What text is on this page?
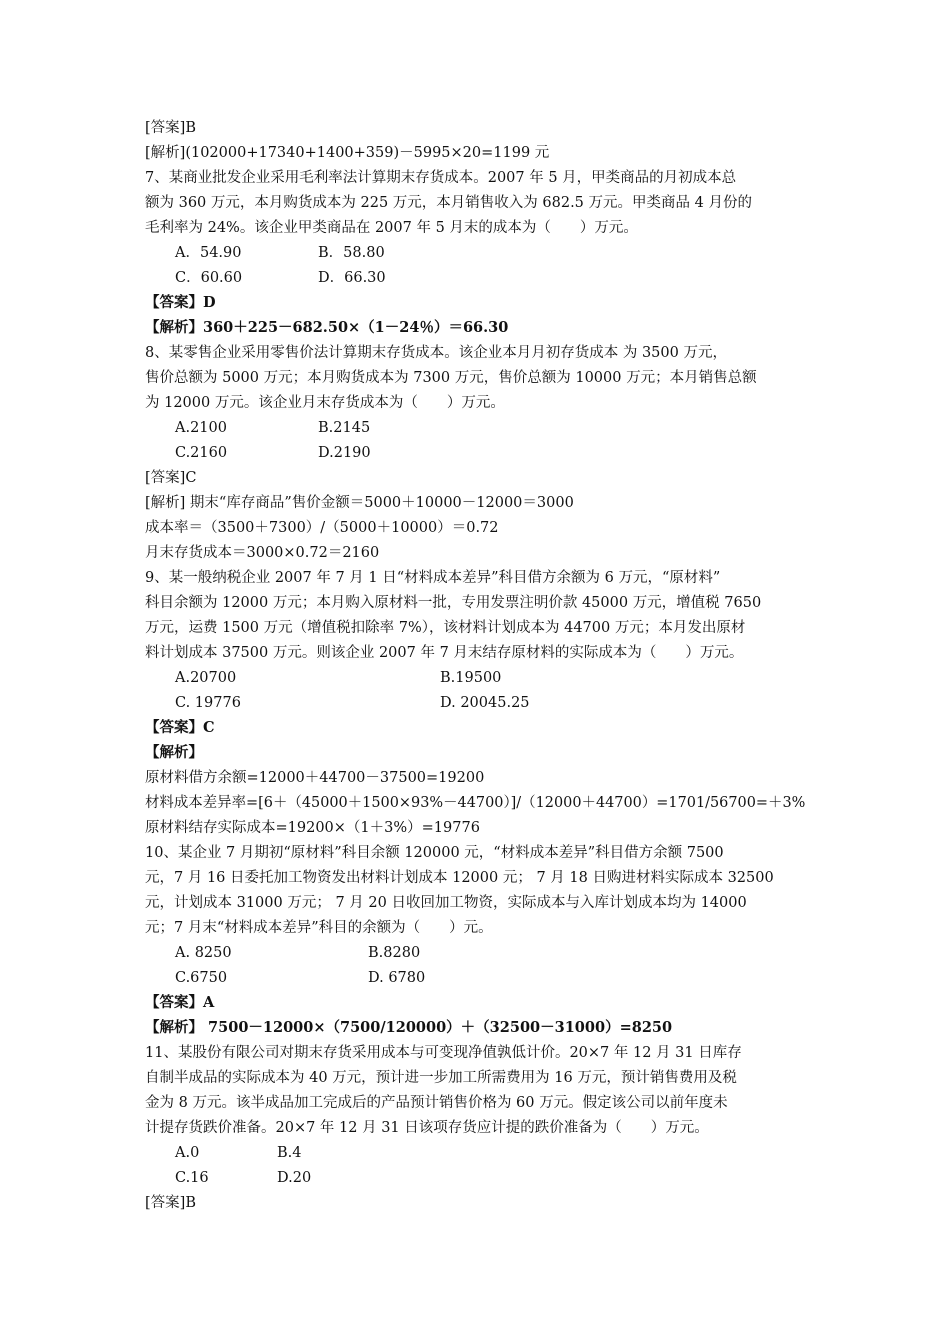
[答案]B
[解析](102000+17340+1400+359)－5995×20=1199 元
7、某商业批发企业采用毛利率法计算期末存货成本。2007 年 5 月，甲类商品的月初成本总
额为 360 万元，本月购货成本为 225 万元，本月销售收入为 682.5 万元。甲类商品 4 月份的
毛利率为 24%。该企业甲类商品在 2007 年 5 月末的成本为（　　）万元。
A．54.90	B．58.80
C．60.60	D．66.30
【答案】D
【解析】360＋225－682.50×（1－24％）＝66.30
8、某零售企业采用零售价法计算期末存货成本。该企业本月月初存货成本 为 3500 万元，
售价总额为 5000 万元；本月购货成本为 7300 万元，售价总额为 10000 万元；本月销售总额
为 12000 万元。该企业月末存货成本为（　　）万元。
A.2100	B.2145
C.2160	D.2190
[答案]C
[解析] 期末“库存商品”售价金额＝5000＋10000－12000＝3000
成本率＝（3500＋7300）/（5000＋10000）＝0.72
月末存货成本＝3000×0.72＝2160
9、某一般纳税企业 2007 年 7 月 1 日“材料成本差异”科目借方余额为 6 万元，“原材料”
科目余额为 12000 万元；本月购入原材料一批，专用发票注明价款 45000 万元，增值税 7650
万元，运费 1500 万元（增值税扣除率 7%），该材料计划成本为 44700 万元；本月发出原材
料计划成本 37500 万元。则该企业 2007 年 7 月末结存原材料的实际成本为（　　）万元。
A.20700	B.19500
C. 19776	D. 20045.25
【答案】C
【解析】
原材料借方余额=12000＋44700－37500=19200
材料成本差异率=[6＋（45000＋1500×93%－44700）]/（12000＋44700）=1701/56700=＋3%
原材料结存实际成本=19200×（1＋3%）=19776
10、某企业 7 月期初“原材料”科目余额 120000 元，“材料成本差异”科目借方余额 7500
元，7 月 16 日委托加工物资发出材料计划成本 12000 元； 7 月 18 日购进材料实际成本 32500
元，计划成本 31000 万元； 7 月 20 日收回加工物资，实际成本与入库计划成本均为 14000
元；7 月末“材料成本差异”科目的余额为（　　）元。
A. 8250	B.8280
C.6750	D. 6780
【答案】A
【解析】 7500－12000×（7500/120000）＋（32500－31000）=8250
11、某股份有限公司对期末存货采用成本与可变现净值孰低计价。20×7 年 12 月 31 日库存
自制半成品的实际成本为 40 万元，预计进一步加工所需费用为 16 万元，预计销售费用及税
金为 8 万元。该半成品加工完成后的产品预计销售价格为 60 万元。假定该公司以前年度未
计提存货跌价准备。20×7 年 12 月 31 日该项存货应计提的跌价准备为（　　）万元。
A.0	B.4
C.16	D.20
[答案]B
